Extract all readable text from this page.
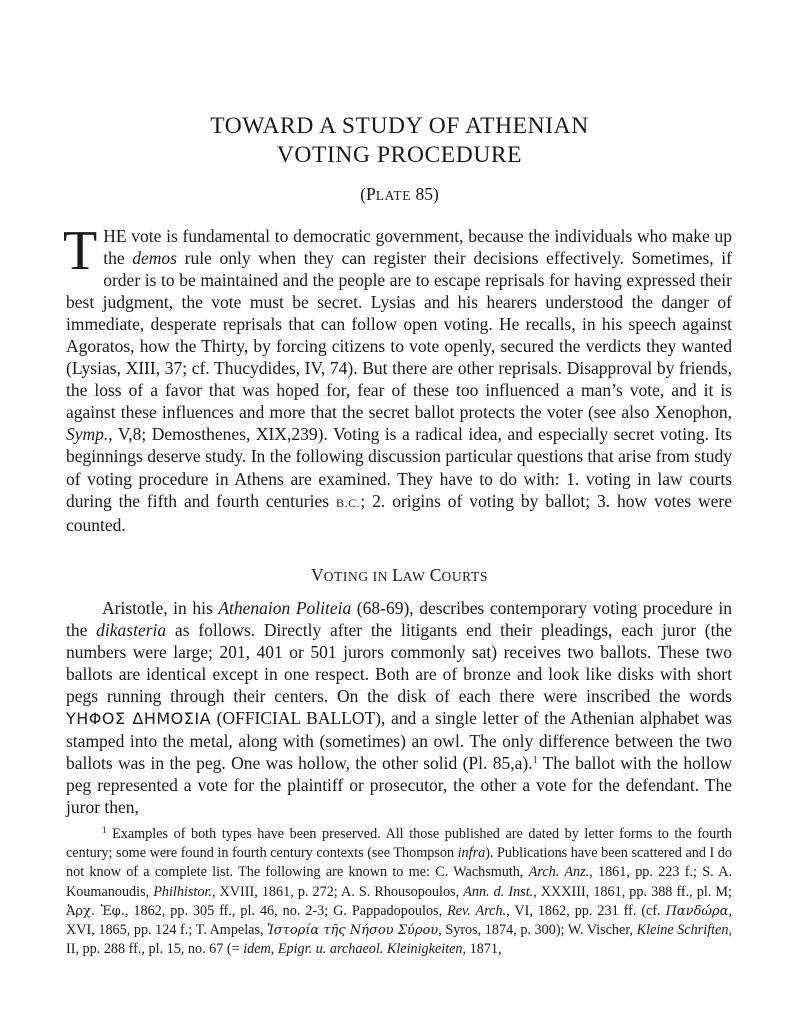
TOWARD A STUDY OF ATHENIAN
VOTING PROCEDURE
(PLATE 85)

THE vote is fundamental to democratic government, because the individuals who make up the demos rule only when they can register their decisions effectively. Sometimes, if order is to be maintained and the people are to escape reprisals for having expressed their best judgment, the vote must be secret. Lysias and his hearers understood the danger of immediate, desperate reprisals that can follow open voting. He recalls, in his speech against Agoratos, how the Thirty, by forcing citizens to vote openly, secured the verdicts they wanted (Lysias, XIII, 37; cf. Thucydides, IV, 74). But there are other reprisals. Disapproval by friends, the loss of a favor that was hoped for, fear of these too influenced a man’s vote, and it is against these influences and more that the secret ballot protects the voter (see also Xenophon, Symp., V,8; Demosthenes, XIX,239). Voting is a radical idea, and especially secret voting. Its beginnings deserve study. In the following discussion particular questions that arise from study of voting procedure in Athens are examined. They have to do with: 1. voting in law courts during the fifth and fourth centuries B.C.; 2. origins of voting by ballot; 3. how votes were counted.

VOTING IN LAW COURTS

Aristotle, in his Athenaion Politeia (68-69), describes contemporary voting procedure in the dikasteria as follows. Directly after the litigants end their pleadings, each juror (the numbers were large; 201, 401 or 501 jurors commonly sat) receives two ballots. These two ballots are identical except in one respect. Both are of bronze and look like disks with short pegs running through their centers. On the disk of each there were inscribed the words ΥΗΦΟΣ ΔΗΜΟΣΙΑ (OFFICIAL BALLOT), and a single letter of the Athenian alphabet was stamped into the metal, along with (sometimes) an owl. The only difference between the two ballots was in the peg. One was hollow, the other solid (Pl. 85,a).$^1$ The ballot with the hollow peg represented a vote for the plaintiff or prosecutor, the other a vote for the defendant. The juror then,

$^1$ Examples of both types have been preserved. All those published are dated by letter forms to the fourth century; some were found in fourth century contexts (see Thompson infra). Publications have been scattered and I do not know of a complete list. The following are known to me: C. Wachsmuth, Arch. Anz., 1861, pp. 223 f.; S. A. Koumanoudis, Philhistor., XVIII, 1861, p. 272; A. S. Rhousopoulos, Ann. d. Inst., XXXIII, 1861, pp. 388 ff., pl. M; Ἀρχ. Ἐφ., 1862, pp. 305 ff., pl. 46, no. 2-3; G. Pappadopoulos, Rev. Arch., VI, 1862, pp. 231 ff. (cf. Πανδώρα, XVI, 1865, pp. 124 f.; T. Ampelas, Ἱστορία τῆς Νήσου Σύρου, Syros, 1874, p. 300); W. Vischer, Kleine Schriften, II, pp. 288 ff., pl. 15, no. 67 (= idem, Epigr. u. archaeol. Kleinigkeiten, 1871,
